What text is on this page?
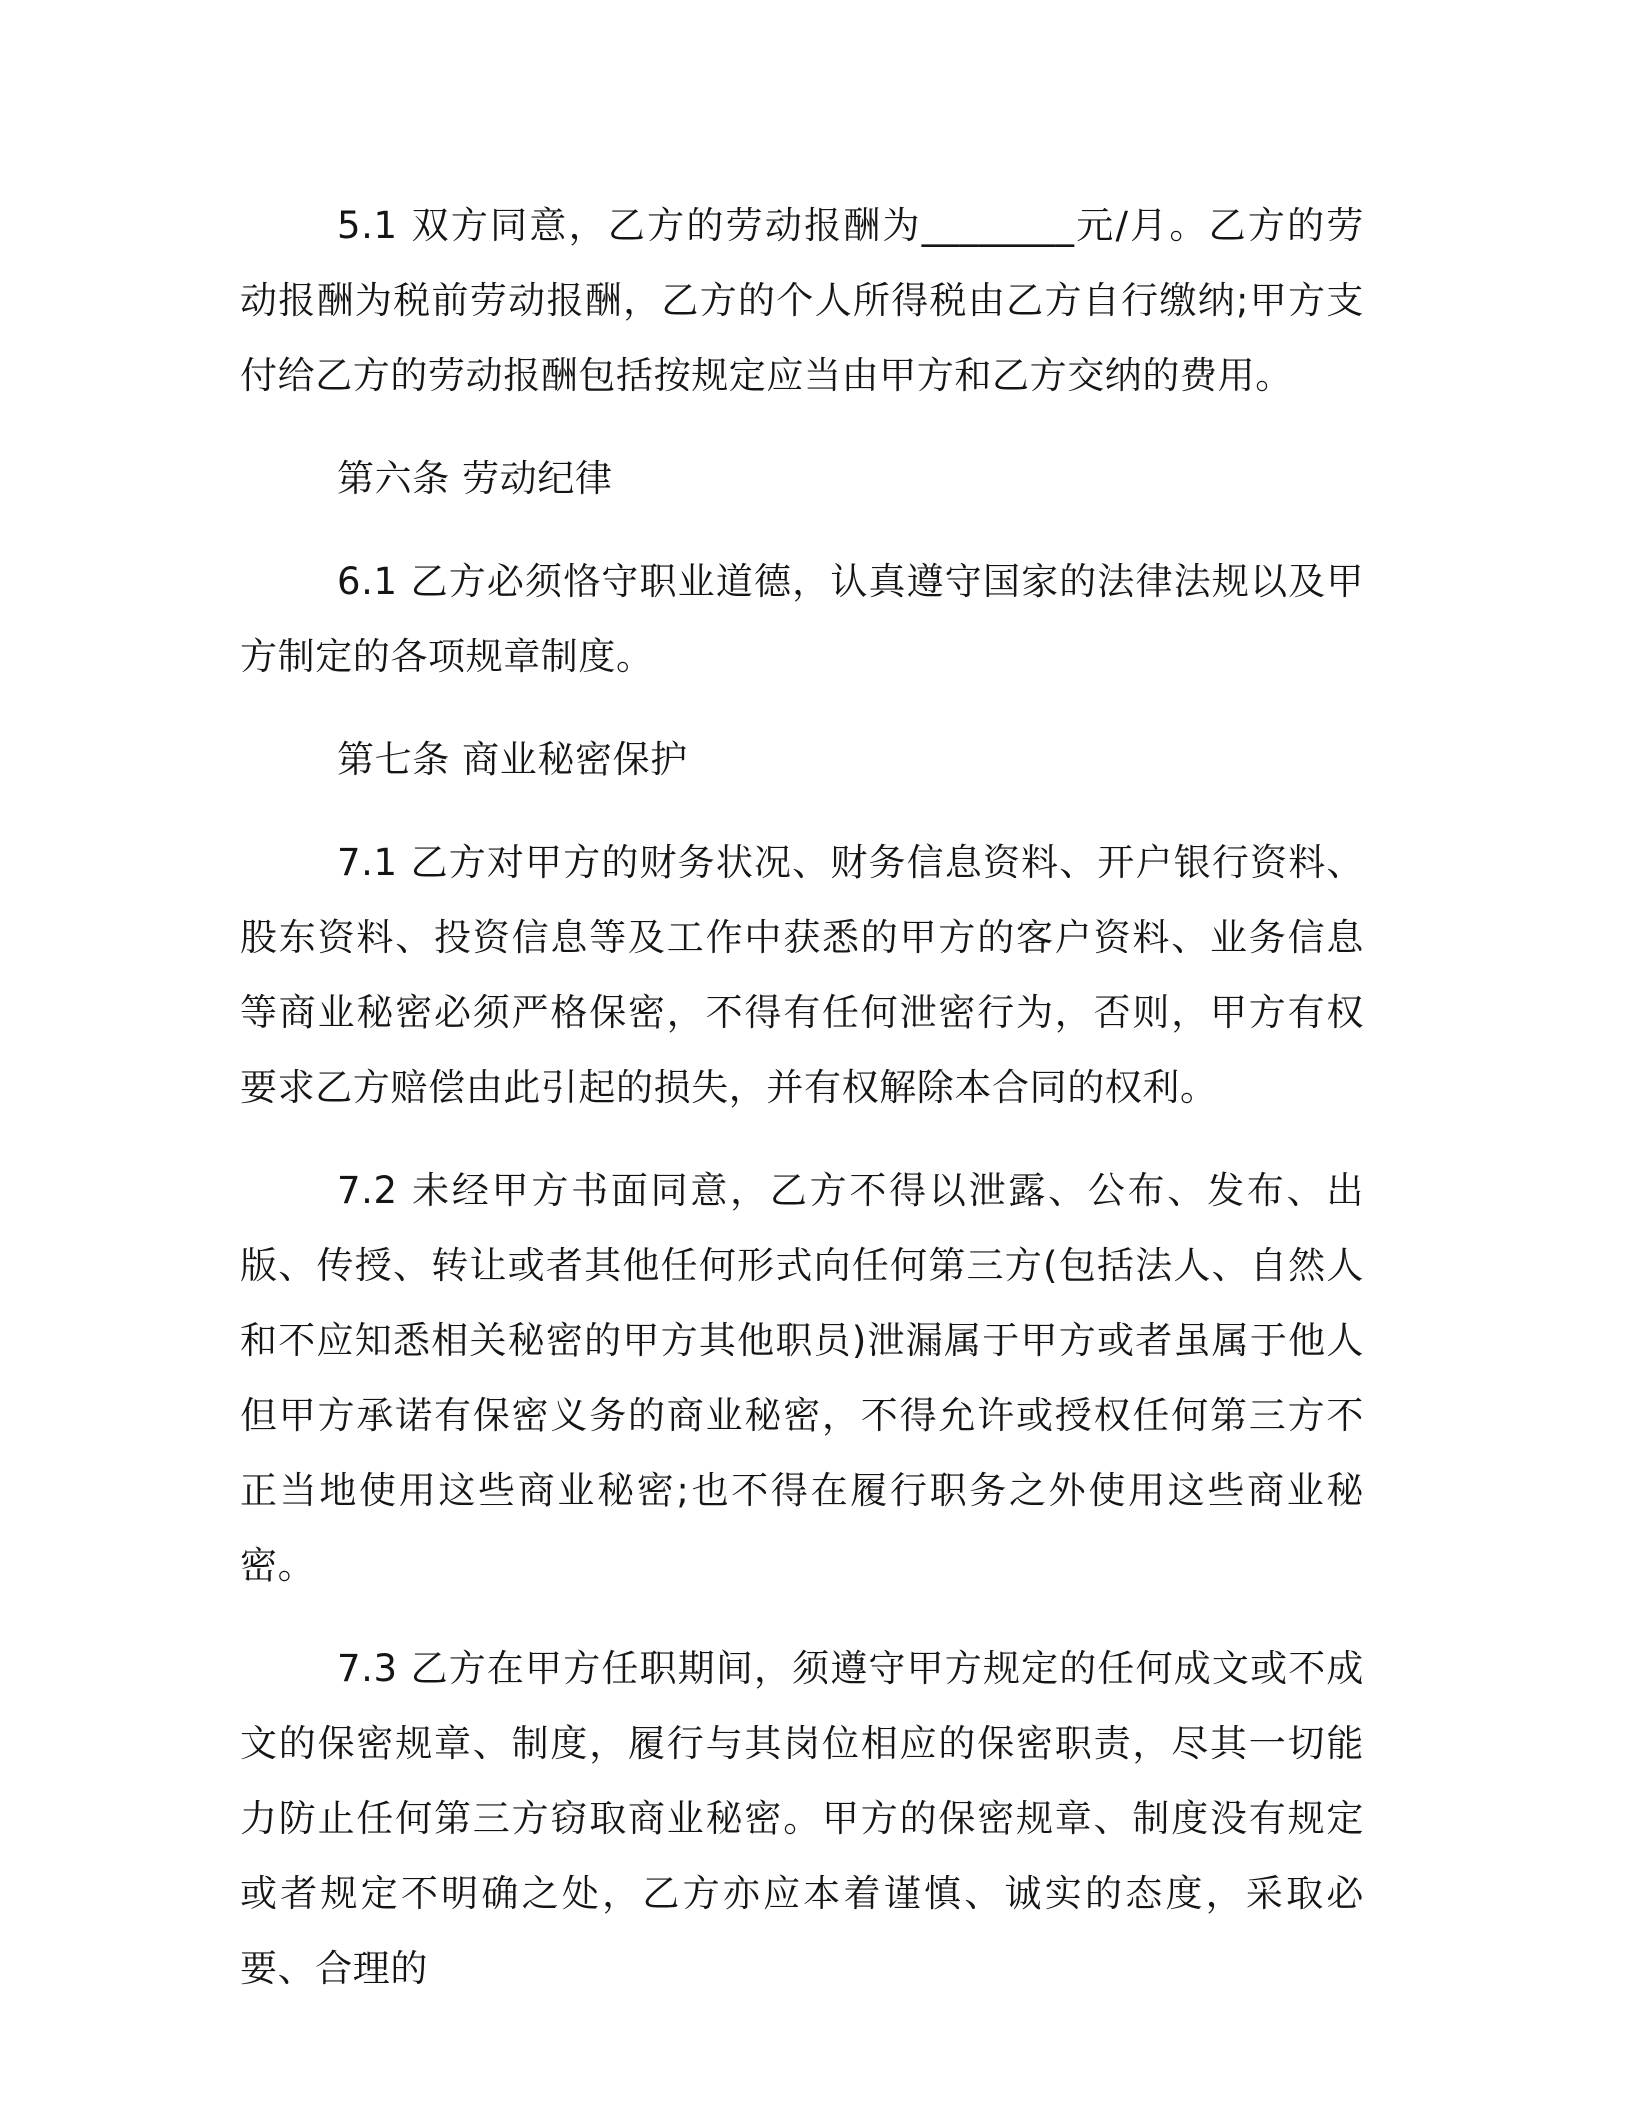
5.1 双方同意，乙方的劳动报酬为________元/月。乙方的劳动报酬为税前劳动报酬，乙方的个人所得税由乙方自行缴纳;甲方支付给乙方的劳动报酬包括按规定应当由甲方和乙方交纳的费用。

第六条 劳动纪律

6.1 乙方必须恪守职业道德，认真遵守国家的法律法规以及甲方制定的各项规章制度。

第七条 商业秘密保护

7.1 乙方对甲方的财务状况、财务信息资料、开户银行资料、股东资料、投资信息等及工作中获悉的甲方的客户资料、业务信息等商业秘密必须严格保密，不得有任何泄密行为，否则，甲方有权要求乙方赔偿由此引起的损失，并有权解除本合同的权利。

7.2 未经甲方书面同意，乙方不得以泄露、公布、发布、出版、传授、转让或者其他任何形式向任何第三方(包括法人、自然人和不应知悉相关秘密的甲方其他职员)泄漏属于甲方或者虽属于他人但甲方承诺有保密义务的商业秘密，不得允许或授权任何第三方不正当地使用这些商业秘密;也不得在履行职务之外使用这些商业秘密。

7.3 乙方在甲方任职期间，须遵守甲方规定的任何成文或不成文的保密规章、制度，履行与其岗位相应的保密职责，尽其一切能力防止任何第三方窃取商业秘密。甲方的保密规章、制度没有规定或者规定不明确之处，乙方亦应本着谨慎、诚实的态度，采取必要、合理的
